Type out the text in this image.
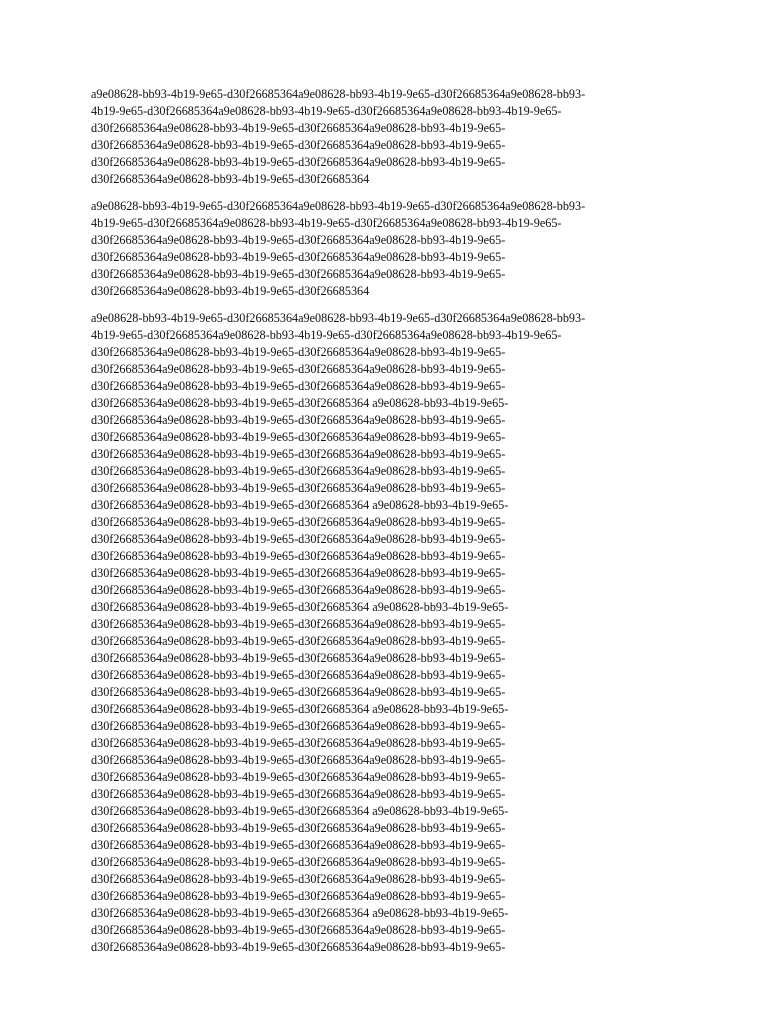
a9e08628-bb93-4b19-9e65-d30f26685364a9e08628-bb93-4b19-9e65-d30f26685364a9e08628-bb93-
4b19-9e65-d30f26685364a9e08628-bb93-4b19-9e65-d30f26685364a9e08628-bb93-4b19-9e65-
d30f26685364a9e08628-bb93-4b19-9e65-d30f26685364a9e08628-bb93-4b19-9e65-
d30f26685364a9e08628-bb93-4b19-9e65-d30f26685364a9e08628-bb93-4b19-9e65-
d30f26685364a9e08628-bb93-4b19-9e65-d30f26685364a9e08628-bb93-4b19-9e65-
d30f26685364a9e08628-bb93-4b19-9e65-d30f26685364
a9e08628-bb93-4b19-9e65-d30f26685364a9e08628-bb93-4b19-9e65-d30f26685364a9e08628-bb93-
4b19-9e65-d30f26685364a9e08628-bb93-4b19-9e65-d30f26685364a9e08628-bb93-4b19-9e65-
d30f26685364a9e08628-bb93-4b19-9e65-d30f26685364a9e08628-bb93-4b19-9e65-
d30f26685364a9e08628-bb93-4b19-9e65-d30f26685364a9e08628-bb93-4b19-9e65-
d30f26685364a9e08628-bb93-4b19-9e65-d30f26685364a9e08628-bb93-4b19-9e65-
d30f26685364a9e08628-bb93-4b19-9e65-d30f26685364
a9e08628-bb93-4b19-9e65-d30f26685364a9e08628-bb93-4b19-9e65-d30f26685364a9e08628-bb93-
4b19-9e65-d30f26685364a9e08628-bb93-4b19-9e65-d30f26685364a9e08628-bb93-4b19-9e65-
d30f26685364a9e08628-bb93-4b19-9e65-d30f26685364a9e08628-bb93-4b19-9e65-
d30f26685364a9e08628-bb93-4b19-9e65-d30f26685364a9e08628-bb93-4b19-9e65-
d30f26685364a9e08628-bb93-4b19-9e65-d30f26685364a9e08628-bb93-4b19-9e65-
d30f26685364a9e08628-bb93-4b19-9e65-d30f26685364 a9e08628-bb93-4b19-9e65-
d30f26685364a9e08628-bb93-4b19-9e65-d30f26685364a9e08628-bb93-4b19-9e65-
d30f26685364a9e08628-bb93-4b19-9e65-d30f26685364a9e08628-bb93-4b19-9e65-
d30f26685364a9e08628-bb93-4b19-9e65-d30f26685364a9e08628-bb93-4b19-9e65-
d30f26685364a9e08628-bb93-4b19-9e65-d30f26685364a9e08628-bb93-4b19-9e65-
d30f26685364a9e08628-bb93-4b19-9e65-d30f26685364a9e08628-bb93-4b19-9e65-
d30f26685364a9e08628-bb93-4b19-9e65-d30f26685364 a9e08628-bb93-4b19-9e65-
d30f26685364a9e08628-bb93-4b19-9e65-d30f26685364a9e08628-bb93-4b19-9e65-
d30f26685364a9e08628-bb93-4b19-9e65-d30f26685364a9e08628-bb93-4b19-9e65-
d30f26685364a9e08628-bb93-4b19-9e65-d30f26685364a9e08628-bb93-4b19-9e65-
d30f26685364a9e08628-bb93-4b19-9e65-d30f26685364a9e08628-bb93-4b19-9e65-
d30f26685364a9e08628-bb93-4b19-9e65-d30f26685364a9e08628-bb93-4b19-9e65-
d30f26685364a9e08628-bb93-4b19-9e65-d30f26685364 a9e08628-bb93-4b19-9e65-
d30f26685364a9e08628-bb93-4b19-9e65-d30f26685364a9e08628-bb93-4b19-9e65-
d30f26685364a9e08628-bb93-4b19-9e65-d30f26685364a9e08628-bb93-4b19-9e65-
d30f26685364a9e08628-bb93-4b19-9e65-d30f26685364a9e08628-bb93-4b19-9e65-
d30f26685364a9e08628-bb93-4b19-9e65-d30f26685364a9e08628-bb93-4b19-9e65-
d30f26685364a9e08628-bb93-4b19-9e65-d30f26685364a9e08628-bb93-4b19-9e65-
d30f26685364a9e08628-bb93-4b19-9e65-d30f26685364 a9e08628-bb93-4b19-9e65-
d30f26685364a9e08628-bb93-4b19-9e65-d30f26685364a9e08628-bb93-4b19-9e65-
d30f26685364a9e08628-bb93-4b19-9e65-d30f26685364a9e08628-bb93-4b19-9e65-
d30f26685364a9e08628-bb93-4b19-9e65-d30f26685364a9e08628-bb93-4b19-9e65-
d30f26685364a9e08628-bb93-4b19-9e65-d30f26685364a9e08628-bb93-4b19-9e65-
d30f26685364a9e08628-bb93-4b19-9e65-d30f26685364a9e08628-bb93-4b19-9e65-
d30f26685364a9e08628-bb93-4b19-9e65-d30f26685364 a9e08628-bb93-4b19-9e65-
d30f26685364a9e08628-bb93-4b19-9e65-d30f26685364a9e08628-bb93-4b19-9e65-
d30f26685364a9e08628-bb93-4b19-9e65-d30f26685364a9e08628-bb93-4b19-9e65-
d30f26685364a9e08628-bb93-4b19-9e65-d30f26685364a9e08628-bb93-4b19-9e65-
d30f26685364a9e08628-bb93-4b19-9e65-d30f26685364a9e08628-bb93-4b19-9e65-
d30f26685364a9e08628-bb93-4b19-9e65-d30f26685364a9e08628-bb93-4b19-9e65-
d30f26685364a9e08628-bb93-4b19-9e65-d30f26685364 a9e08628-bb93-4b19-9e65-
d30f26685364a9e08628-bb93-4b19-9e65-d30f26685364a9e08628-bb93-4b19-9e65-
d30f26685364a9e08628-bb93-4b19-9e65-d30f26685364a9e08628-bb93-4b19-9e65-
